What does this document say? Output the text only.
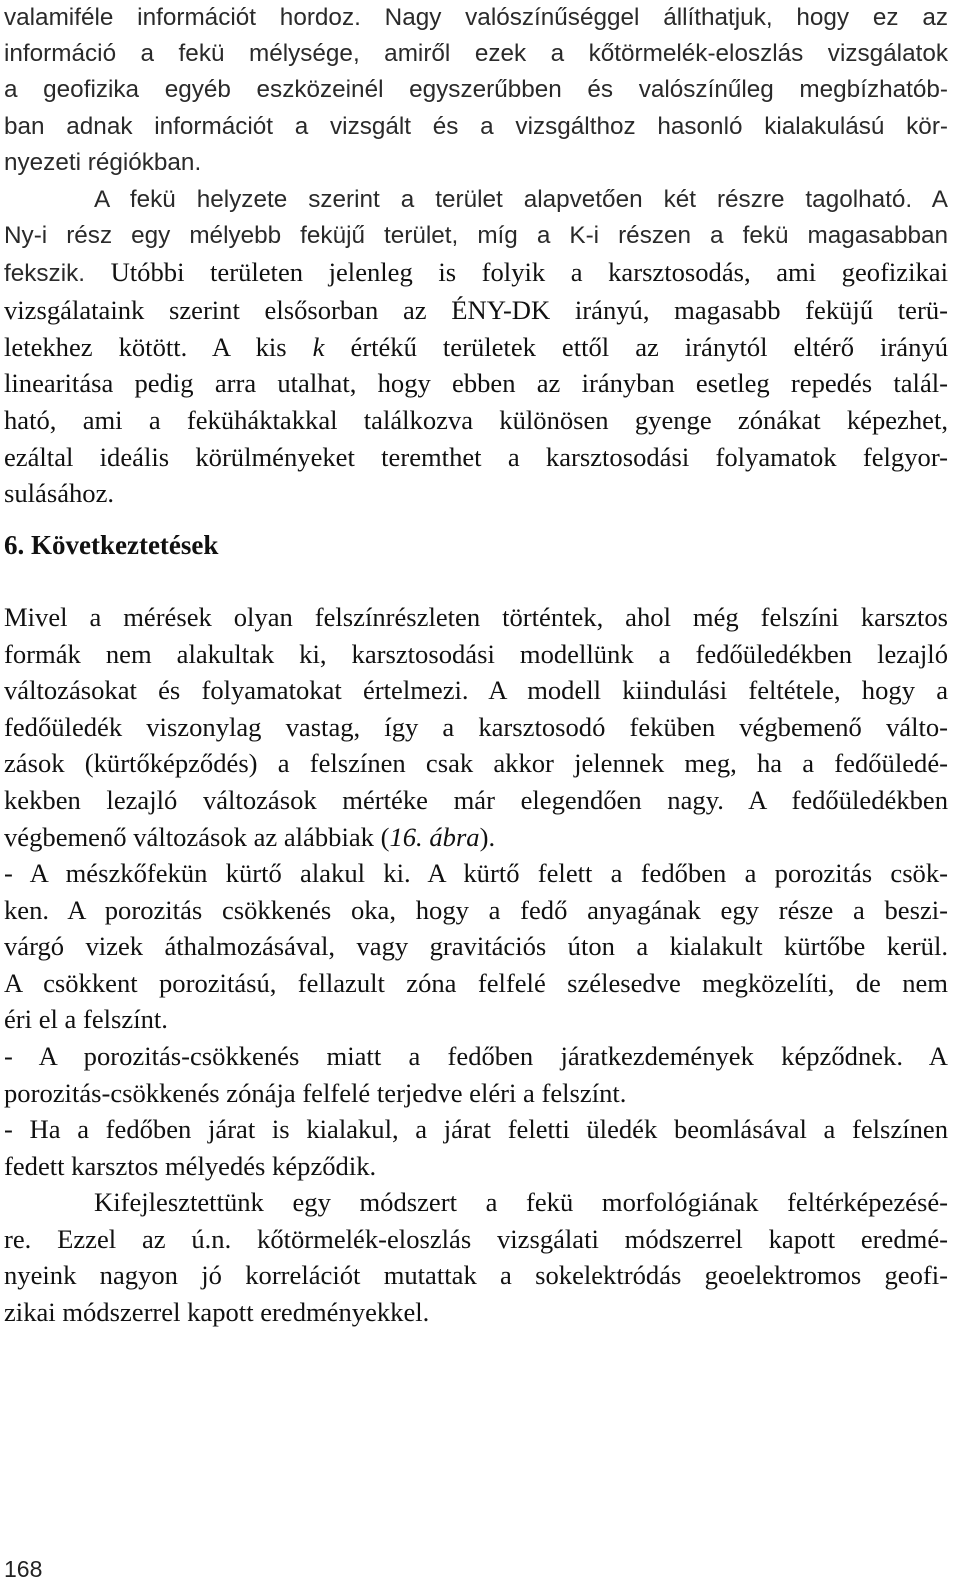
valamiféle információt hordoz. Nagy valószínűséggel állíthatjuk, hogy ez az
információ a fekü mélysége, amiről ezek a kőtörmelék-eloszlás vizsgálatok
a geofizika egyéb eszközeinél egyszerűbben és valószínűleg megbízhatób-
ban adnak információt a vizsgált és a vizsgálthoz hasonló kialakulású kör-
nyezeti régiókban.
A fekü helyzete szerint a terület alapvetően két részre tagolható. A
Ny-i rész egy mélyebb feküjű terület, míg a K-i részen a fekü magasabban
fekszik. Utóbbi területen jelenleg is folyik a karsztosodás, ami geofizikai
vizsgálataink szerint elsősorban az ÉNY-DK irányú, magasabb feküjű terü-
letekhez kötött. A kis k értékű területek ettől az iránytól eltérő irányú
linearitása pedig arra utalhat, hogy ebben az irányban esetleg repedés talál-
ható, ami a feküháktakkal találkozva különösen gyenge zónákat képezhet,
ezáltal ideális körülményeket teremthet a karsztosodási folyamatok felgyor-
sulásához.
6. Következtetések
Mivel a mérések olyan felszínrészleten történtek, ahol még felszíni karsztos
formák nem alakultak ki, karsztosodási modellünk a fedőüledékben lezajló
változásokat és folyamatokat értelmezi. A modell kiindulási feltétele, hogy a
fedőüledék viszonylag vastag, így a karsztosodó feküben végbemenő válto-
zások (kürtőképződés) a felszínen csak akkor jelennek meg, ha a fedőüledé-
kekben lezajló változások mértéke már elegendően nagy. A fedőüledékben
végbemenő változások az alábbiak (16. ábra).
- A mészkőfekün kürtő alakul ki. A kürtő felett a fedőben a porozitás csök-
ken. A porozitás csökkenés oka, hogy a fedő anyagának egy része a beszi-
várgó vizek áthalmozásával, vagy gravitációs úton a kialakult kürtőbe kerül.
A csökkent porozitású, fellazult zóna felfelé szélesedve megközelíti, de nem
éri el a felszínt.
- A porozitás-csökkenés miatt a fedőben járatkezdemények képződnek. A
porozitás-csökkenés zónája felfelé terjedve eléri a felszínt.
- Ha a fedőben járat is kialakul, a járat feletti üledék beomlásával a felszínen
fedett karsztos mélyedés képződik.
Kifejlesztettünk egy módszert a fekü morfológiának feltérképezésé-
re. Ezzel az ú.n. kőtörmelék-eloszlás vizsgálati módszerrel kapott eredmé-
nyeink nagyon jó korrelációt mutattak a sokelektródás geoelektromos geofi-
zikai módszerrel kapott eredményekkel.
168
